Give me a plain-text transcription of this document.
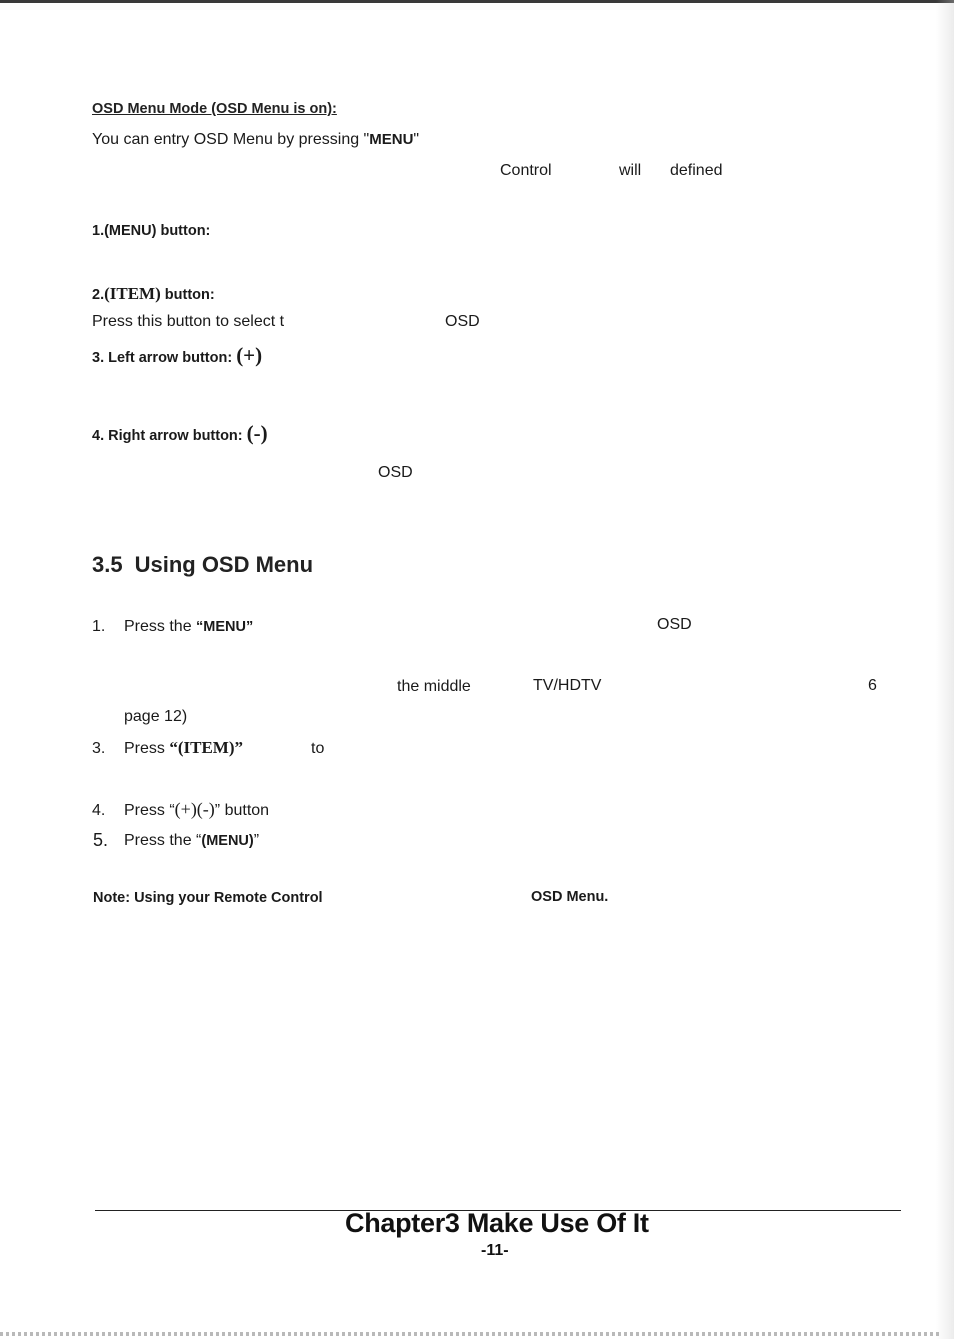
OSD Menu Mode (OSD Menu is on):
You can entry OSD Menu by pressing "MENU"
Control	will defined
1.(MENU) button:
2.(ITEM) button:
Press this button to select t	OSD
3. Left arrow button: (+)
4. Right arrow button: (-)
OSD
3.5 Using OSD Menu
1. Press the “MENU”	OSD
the middle	TV/HDTV	6
page 12)
3. Press “(ITEM)”	to
4. Press “(+)(-)” button
5. Press the “(MENU)”
Note: Using your Remote Control	OSD Menu.
Chapter3 Make Use Of It
-11-
